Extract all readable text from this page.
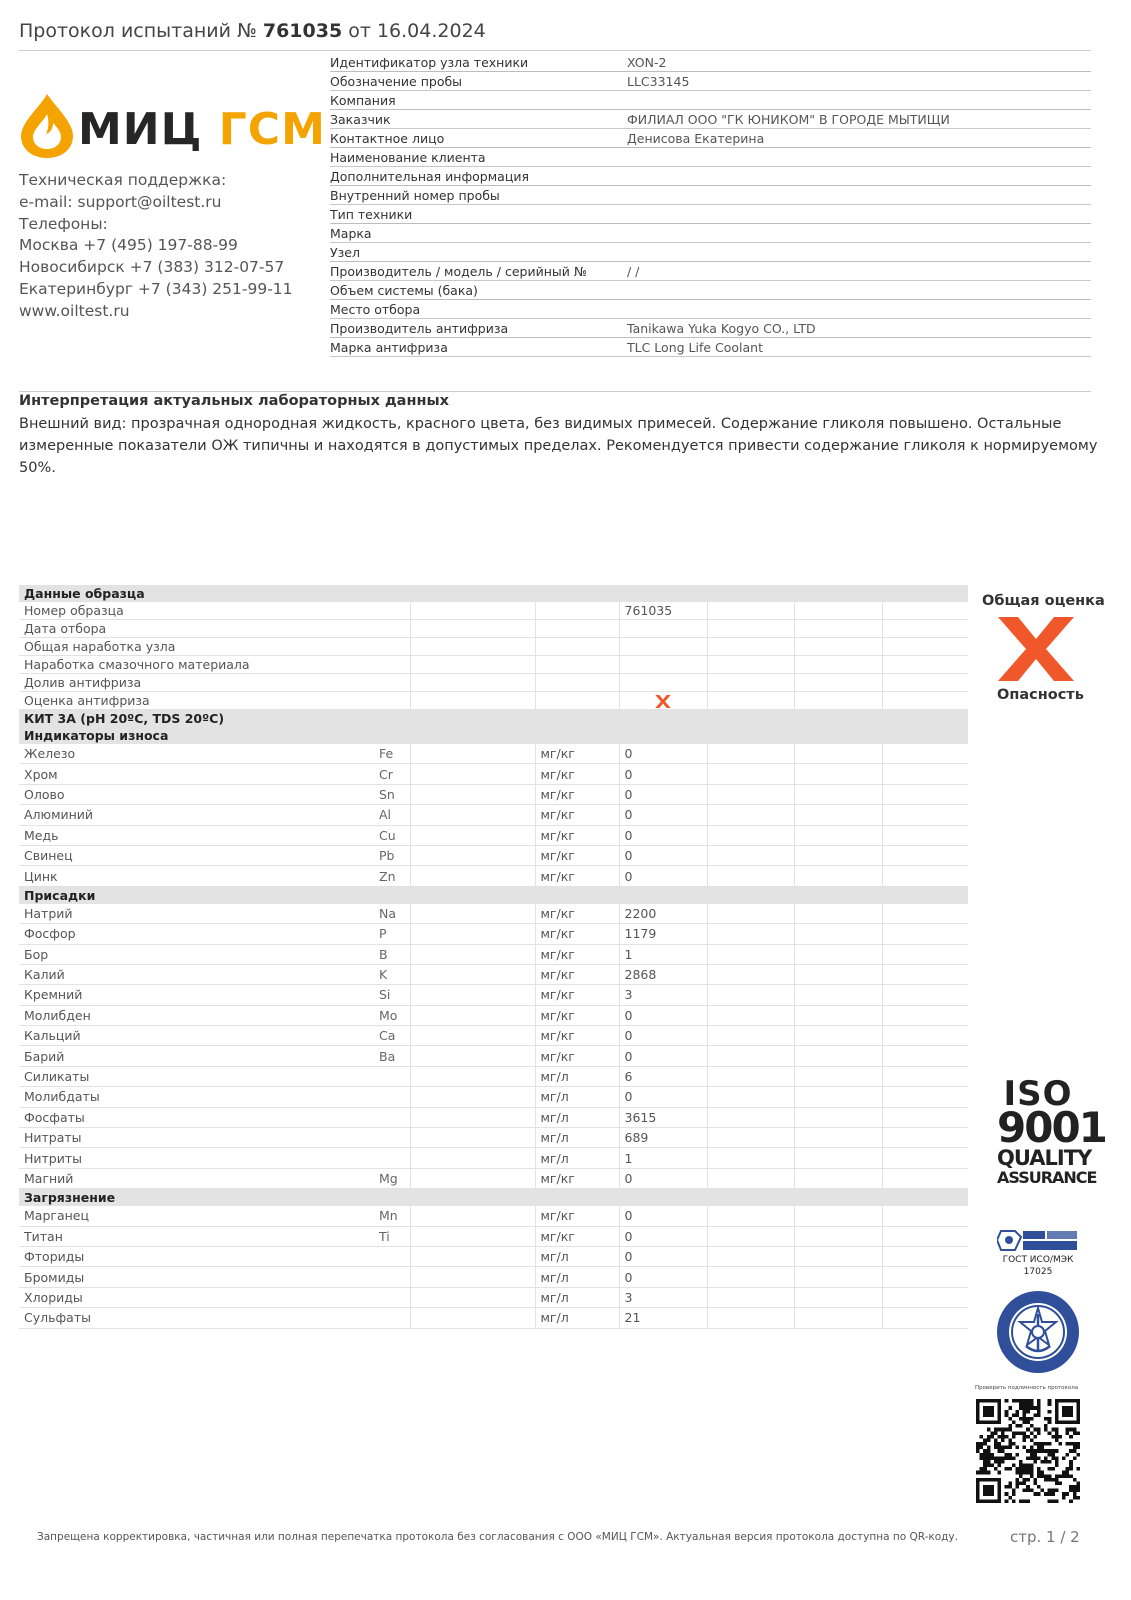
Протокол испытаний № 761035 от 16.04.2024
МИЦ ГСМ
Техническая поддержка:
e-mail: support@oiltest.ru
Телефоны:
Москва +7 (495) 197-88-99
Новосибирск +7 (383) 312-07-57
Екатеринбург +7 (343) 251-99-11
www.oiltest.ru
Идентификатор узла техники	XON-2
Обозначение пробы	LLC33145
Компания
Заказчик	ФИЛИАЛ ООО "ГК ЮНИКОМ" В ГОРОДЕ МЫТИЩИ
Контактное лицо	Денисова Екатерина
Наименование клиента
Дополнительная информация
Внутренний номер пробы
Тип техники
Марка
Узел
Производитель / модель / серийный №	/ /
Объем системы (бака)
Место отбора
Производитель антифриза	Tanikawa Yuka Kogyo CO., LTD
Марка антифриза	TLC Long Life Coolant
Интерпретация актуальных лабораторных данных
Внешний вид: прозрачная однородная жидкость, красного цвета, без видимых примесей. Содержание гликоля повышено. Остальные измеренные показатели ОЖ типичны и находятся в допустимых пределах. Рекомендуется привести содержание гликоля к нормируемому 50%.
Данные образца							
Номер образца				761035			
Дата отбора							
Общая наработка узла							
Наработка смазочного материала							
Долив антифриза							
Оценка антифриза						
КИТ 3А (pH 20ºC, TDS 20ºC)							
Индикаторы износа							
Железо	Fe		мг/кг	0			
Хром	Cr		мг/кг	0			
Олово	Sn		мг/кг	0			
Алюминий	Al		мг/кг	0			
Медь	Cu		мг/кг	0			
Свинец	Pb		мг/кг	0			
Цинк	Zn		мг/кг	0			
Присадки							
Натрий	Na		мг/кг	2200			
Фосфор	P		мг/кг	1179			
Бор	B		мг/кг	1			
Калий	K		мг/кг	2868			
Кремний	Si		мг/кг	3			
Молибден	Mo		мг/кг	0			
Кальций	Ca		мг/кг	0			
Барий	Ba		мг/кг	0			
Силикаты			мг/л	6			
Молибдаты			мг/л	0			
Фосфаты			мг/л	3615			
Нитраты			мг/л	689			
Нитриты			мг/л	1			
Магний	Mg		мг/кг	0			
Загрязнение							
Марганец	Mn		мг/кг	0			
Титан	Ti		мг/кг	0			
Фториды			мг/л	0			
Бромиды			мг/л	0			
Хлориды			мг/л	3			
Сульфаты			мг/л	21			
Общая оценка
Опасность
ISO
9001
QUALITY
ASSURANCE
ГОСТ ИСО/МЭК
17025
Проверить подлинность протокола
Запрещена корректировка, частичная или полная перепечатка протокола без согласования с ООО «МИЦ ГСМ». Актуальная версия протокола доступна по QR-коду.	стр. 1 / 2
